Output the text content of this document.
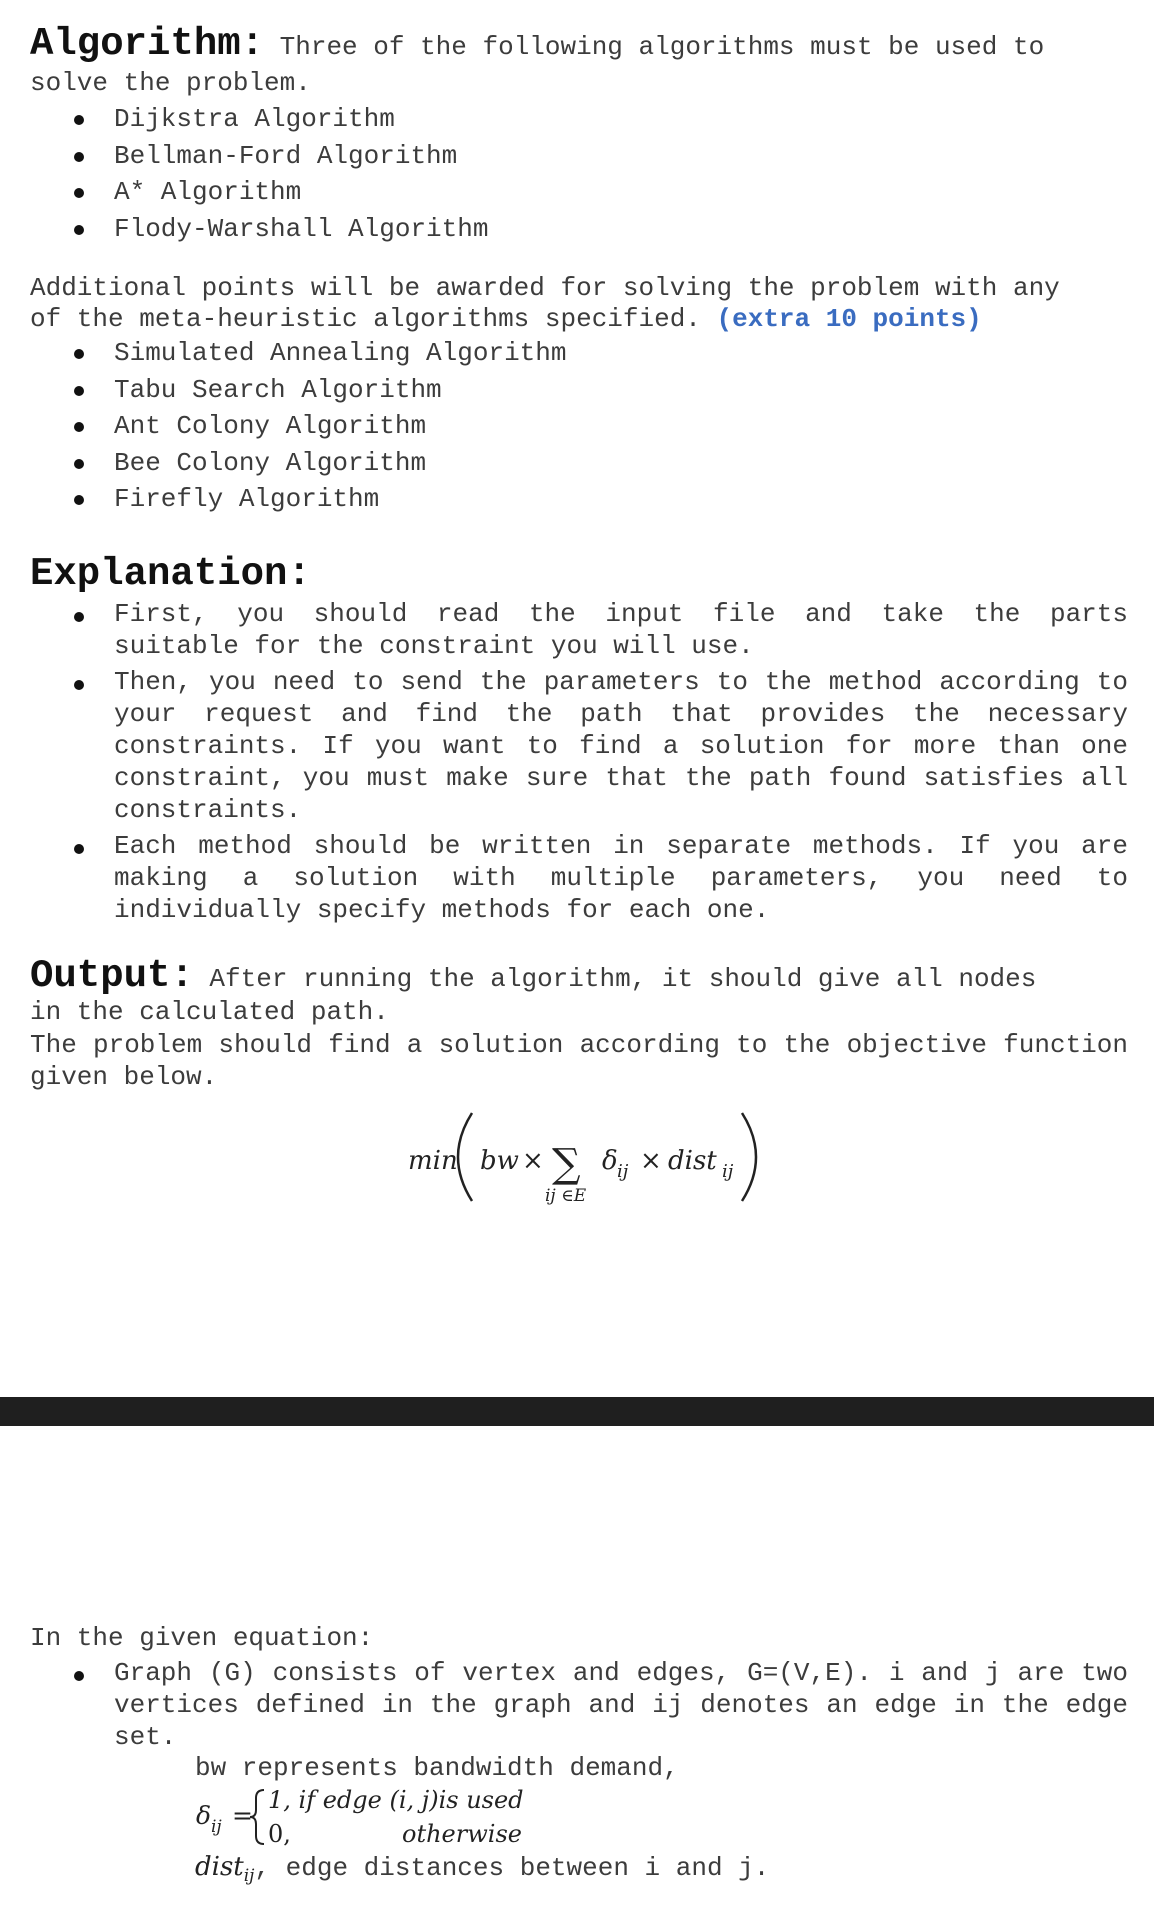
Algorithm: Three of the following algorithms must be used to
solve the problem.
Dijkstra Algorithm
Bellman-Ford Algorithm
A* Algorithm
Flody-Warshall Algorithm
Additional points will be awarded for solving the problem with any
of the meta-heuristic algorithms specified. (extra 10 points)
Simulated Annealing Algorithm
Tabu Search Algorithm
Ant Colony Algorithm
Bee Colony Algorithm
Firefly Algorithm
Explanation:
First, you should read the input file and take the parts suitable for the constraint you will use.
Then, you need to send the parameters to the method according to your request and find the path that provides the necessary constraints. If you want to find a solution for more than one constraint, you must make sure that the path found satisfies all constraints.
Each method should be written in separate methods. If you are making a solution with multiple parameters, you need to individually specify methods for each one.
Output: After running the algorithm, it should give all nodes
in the calculated path.
The problem should find a solution according to the objective function given below.
min bw × ∑
ij ∈E
δ ij × dist ij
In the given equation:
Graph (G) consists of vertex and edges, G=(V,E). i and j are two vertices defined in the graph and ij denotes an edge in the edge set.
bw represents bandwidth demand,
δ ij =
1, if edge (i, j)is used
0,	otherwise
dist$_{ij}$, edge distances between i and j.
